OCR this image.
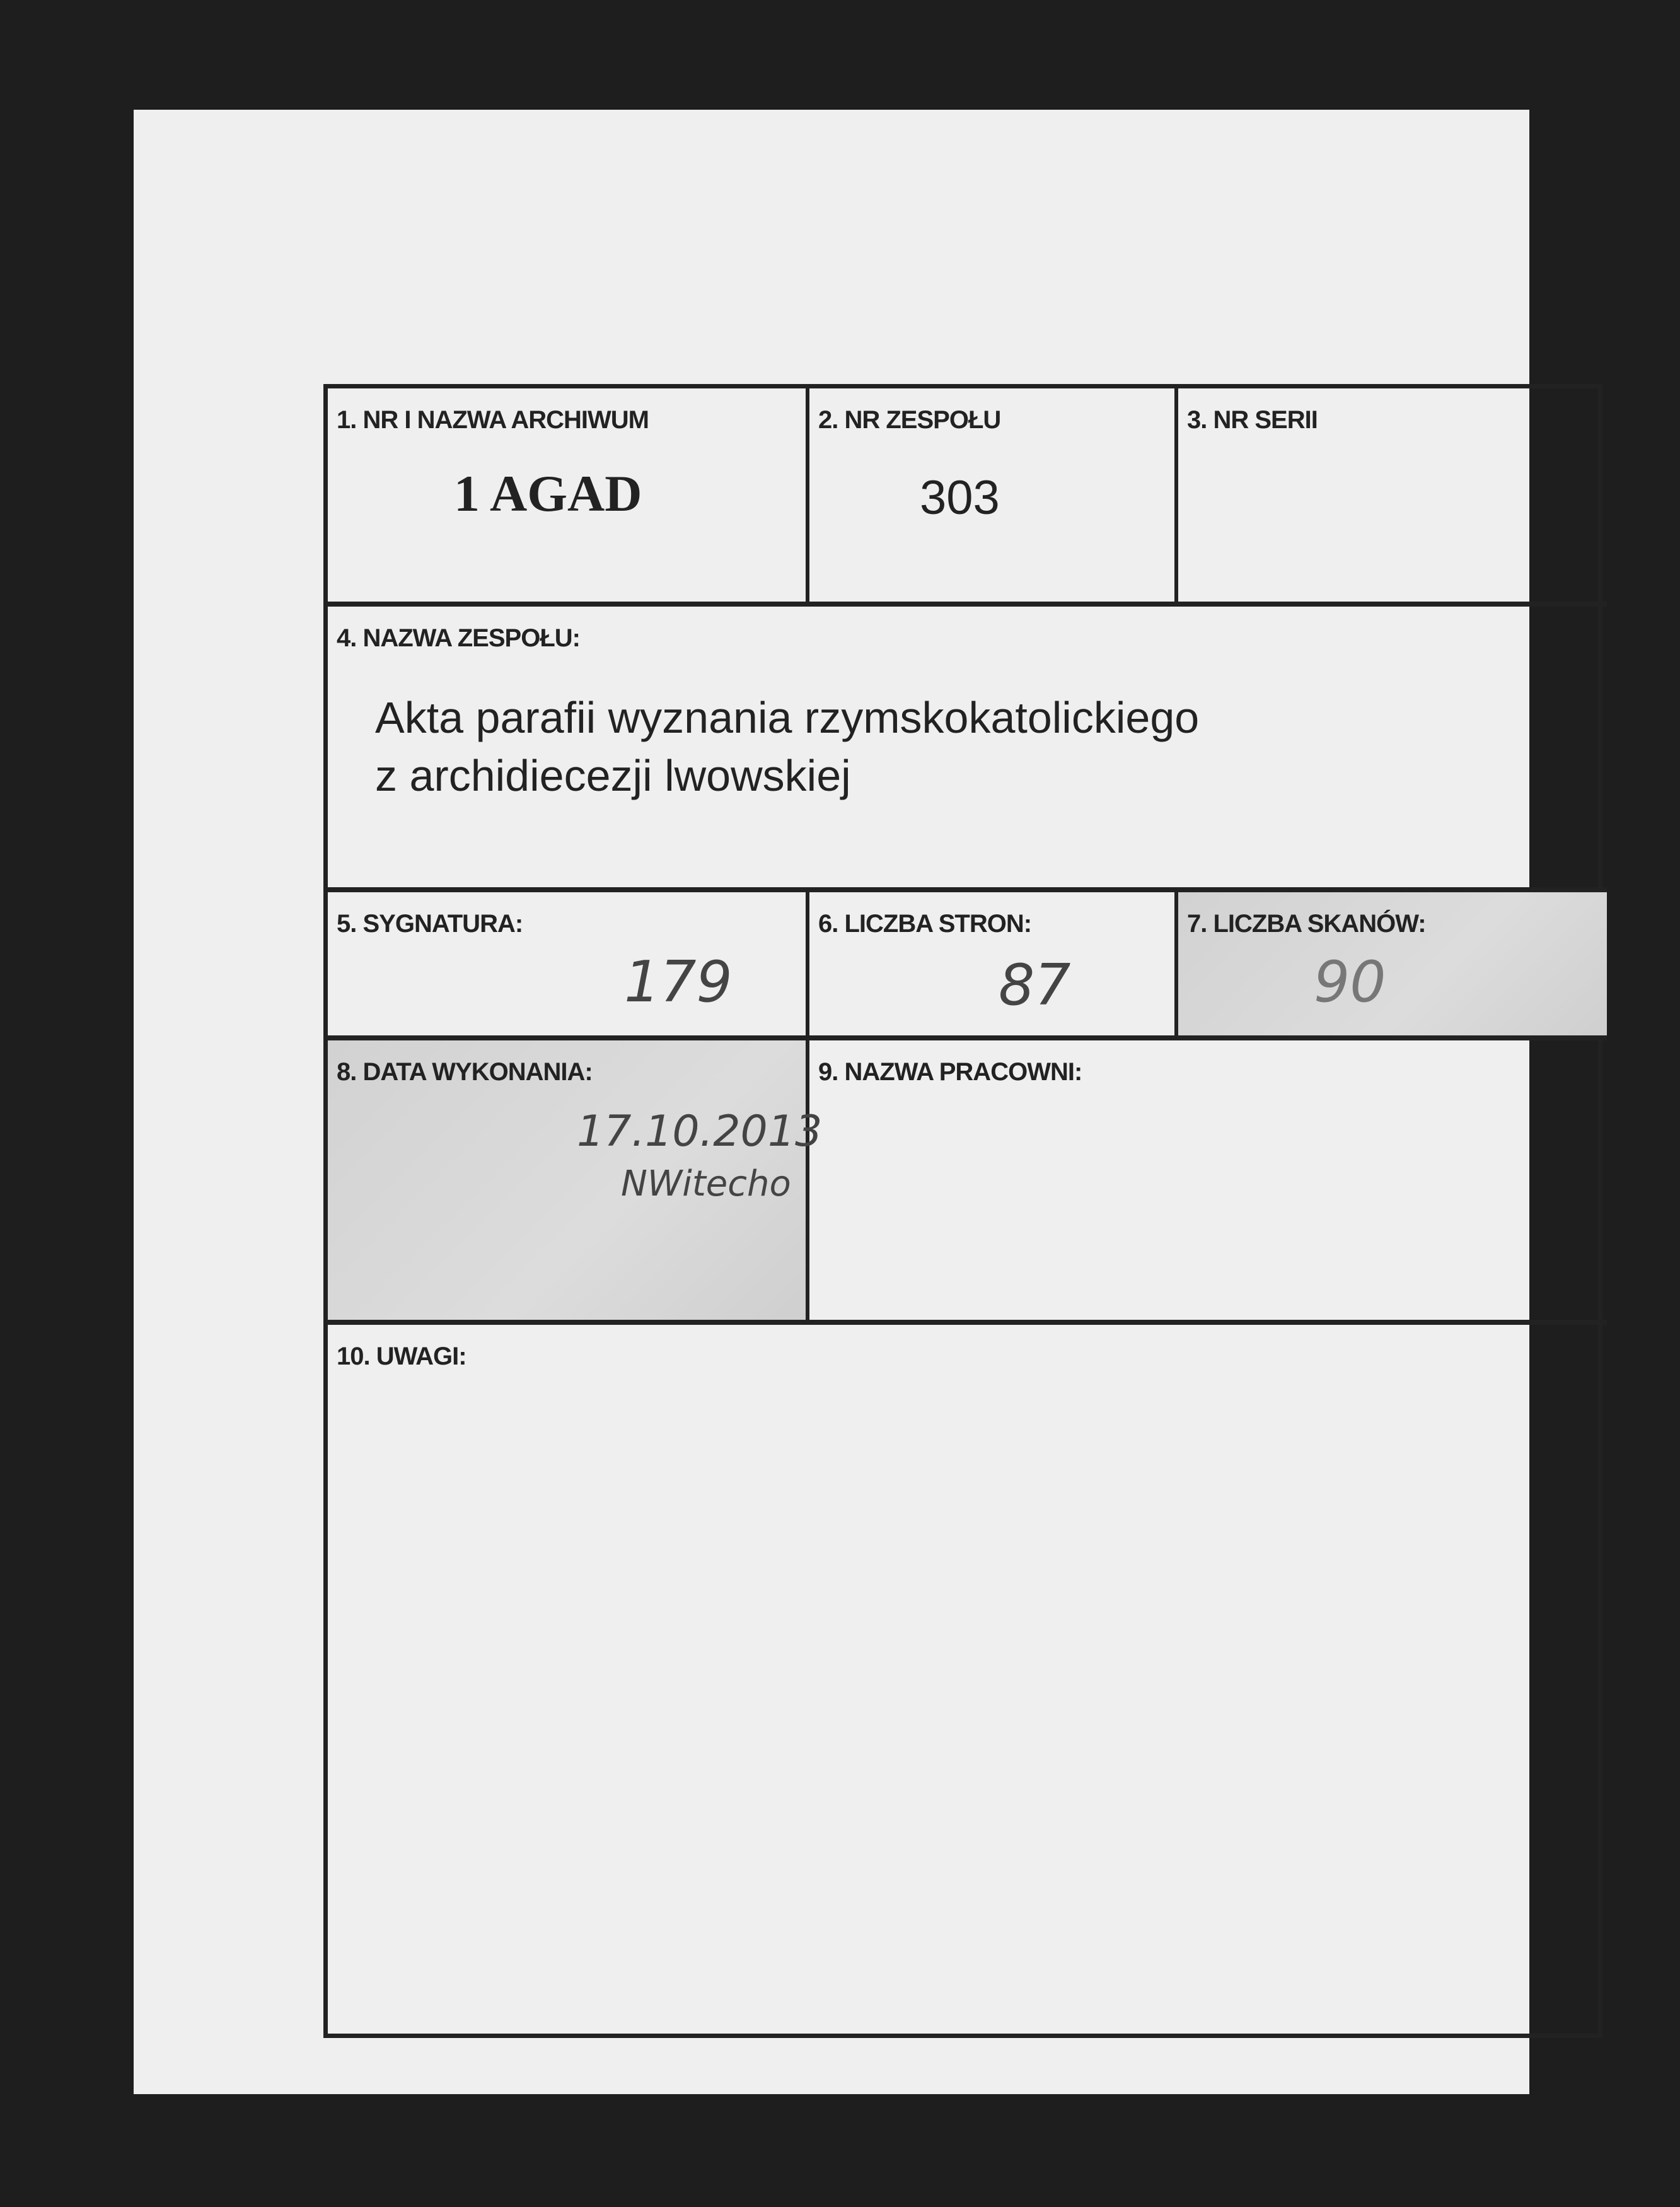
1. NR I NAZWA ARCHIWUM
1 AGAD
2. NR ZESPOŁU
303
3. NR SERII
4. NAZWA ZESPOŁU:
Akta parafii wyznania rzymskokatolickiego
z archidiecezji lwowskiej
5. SYGNATURA:
179
6. LICZBA STRON:
87
7. LICZBA SKANÓW:
90
8. DATA WYKONANIA:
17.10.2013
NWitecho
9. NAZWA PRACOWNI:
10. UWAGI:
